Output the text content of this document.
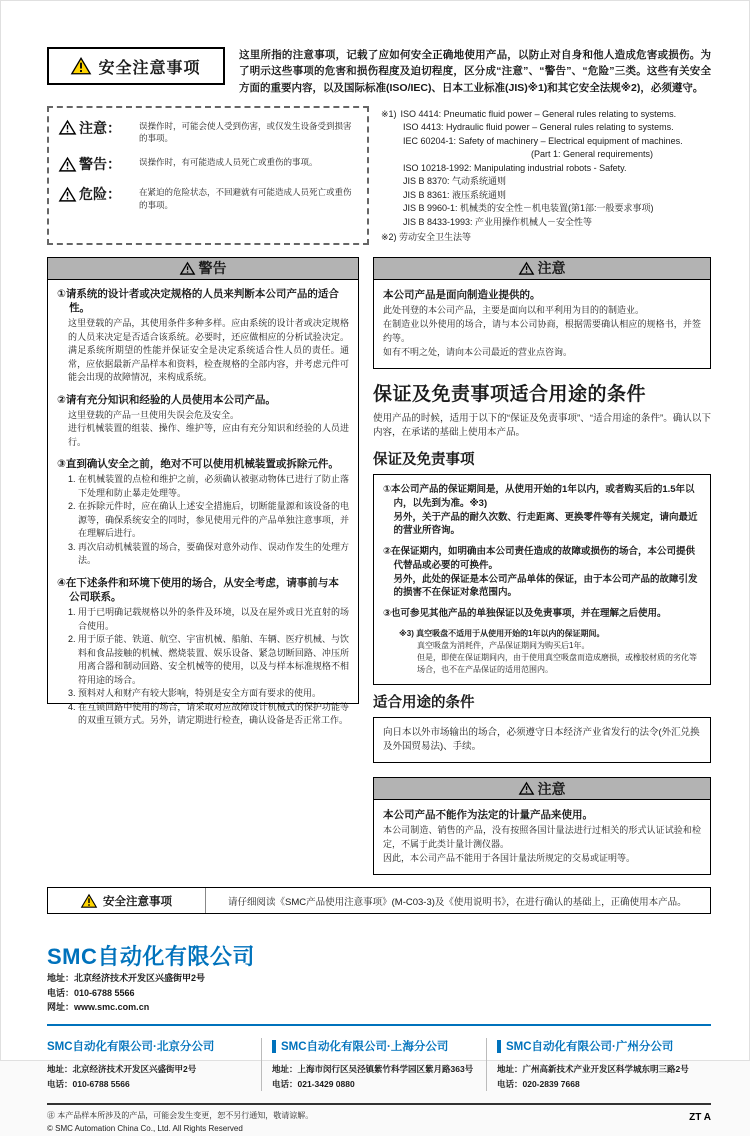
安全注意事项
这里所指的注意事项，记载了应如何安全正确地使用产品，以防止对自身和他人造成危害或损伤。为了明示这些事项的危害和损伤程度及迫切程度，区分成“注意”、“警告”、“危险”三类。这些有关安全方面的重要内容，以及国际标准(ISO/IEC)、日本工业标准(JIS)※1)和其它安全法规※2)，必须遵守。
注意： 误操作时，可能会使人受到伤害，或仅发生设备受到损害的事项。
警告： 误操作时，有可能造成人员死亡或重伤的事项。
危险： 在紧迫的危险状态，不回避就有可能造成人员死亡或重伤的事项。
※1) ISO 4414: Pneumatic fluid power – General rules relating to systems.
ISO 4413: Hydraulic fluid power – General rules relating to systems.
IEC 60204-1: Safety of machinery – Electrical equipment of machines.
(Part 1: General requirements)
ISO 10218-1992: Manipulating industrial robots - Safety.
JIS B 8370: 气动系统通则
JIS B 8361: 液压系统通则
JIS B 9960-1: 机械类的安全性－机电装置(第1部:一般要求事项)
JIS B 8433-1993: 产业用操作机械人－安全性等
※2) 劳动安全卫生法等
警告
①请系统的设计者或决定规格的人员来判断本公司产品的适合性。
这里登载的产品，其使用条件多种多样。应由系统的设计者或决定规格的人员来决定是否适合该系统。必要时，还应做相应的分析试验决定。满足系统所期望的性能并保证安全是决定系统适合性人员的责任。通常，应依据最新产品样本和资料，检查规格的全部内容，并考虑元件可能会出现的故障情况，来构成系统。
②请有充分知识和经验的人员使用本公司产品。
这里登载的产品一旦使用失误会危及安全。
进行机械装置的组装、操作、维护等，应由有充分知识和经验的人员进行。
③直到确认安全之前，绝对不可以使用机械装置或拆除元件。
1. 在机械装置的点检和维护之前，必须确认被驱动物体已进行了防止落下处理和防止暴走处理等。
2. 在拆除元件时，应在确认上述安全措施后，切断能量源和该设备的电源等，确保系统安全的同时，参见使用元件的产品单独注意事项，并在理解后进行。
3. 再次启动机械装置的场合，要确保对意外动作、误动作发生的处理方法。
④在下述条件和环境下使用的场合，从安全考虑，请事前与本公司联系。
1. 用于已明确记载规格以外的条件及环境，以及在屋外或日光直射的场合使用。
2. 用于原子能、铁道、航空、宇宙机械、船舶、车辆、医疗机械、与饮料和食品接触的机械、燃烧装置、娱乐设备、紧急切断回路、冲压所用离合器和制动回路、安全机械等的使用，以及与样本标准规格不相符用途的场合。
3. 预料对人和财产有较大影响，特别是安全方面有要求的使用。
4. 在互锁回路中使用的场合，请采取对应故障设计机械式的保护功能等的双重互锁方式。另外，请定期进行检查，确认设备是否正常工作。
注意
本公司产品是面向制造业提供的。
此处刊登的本公司产品，主要是面向以和平利用为目的的制造业。
在制造业以外使用的场合，请与本公司协商，根据需要确认相应的规格书，并签约等。
如有不明之处，请向本公司最近的营业点咨询。
保证及免责事项适合用途的条件
使用产品的时候，适用于以下的“保证及免责事项”、“适合用途的条件”。确认以下内容，在承诺的基础上使用本产品。
保证及免责事项
①本公司产品的保证期间是，从使用开始的1年以内，或者购买后的1.5年以内，以先到为准。※3)
另外，关于产品的耐久次数、行走距离、更换零件等有关规定，请向最近的营业所咨询。
②在保证期内，如明确由本公司责任造成的故障或损伤的场合，本公司提供代替品或必要的可换件。
另外，此处的保证是本公司产品单体的保证，由于本公司产品的故障引发的损害不在保证对象范围内。
③也可参见其他产品的单独保证以及免责事项，并在理解之后使用。
※3) 真空吸盘不适用于从使用开始的1年以内的保证期间。
真空吸盘为消耗件，产品保证期间为购买后1年。
但是，即使在保证期间内，由于使用真空吸盘而造成磨损，或橡胶材质的劣化等场合，也不在产品保证的适用范围内。
适合用途的条件
向日本以外市场输出的场合，必须遵守日本经济产业省发行的法令(外汇兑换及外国贸易法)、手续。
注意
本公司产品不能作为法定的计量产品来使用。
本公司制造、销售的产品，没有按照各国计量法进行过相关的形式认证试验和检定，不属于此类计量计测仪器。
因此，本公司产品不能用于各国计量法所规定的交易或证明等。
安全注意事项	请仔细阅读《SMC产品使用注意事项》(M-C03-3)及《使用说明书》，在进行确认的基础上，正确使用本产品。
SMC自动化有限公司
地址：北京经济技术开发区兴盛街甲2号
电话：010-6788 5566
网址：www.smc.com.cn
SMC自动化有限公司·北京分公司
地址：北京经济技术开发区兴盛街甲2号
电话：010-6788 5566
SMC自动化有限公司·上海分公司
地址：上海市闵行区吴泾镇紫竹科学园区紫月路363号
电话：021-3429 0880
SMC自动化有限公司·广州分公司
地址：广州高新技术产业开发区科学城东明三路2号
电话：020-2839 7668
㊟ 本产品样本所涉及的产品，可能会发生变更，恕不另行通知，敬请谅解。
© SMC Automation China Co., Ltd. All Rights Reserved
ZT A
